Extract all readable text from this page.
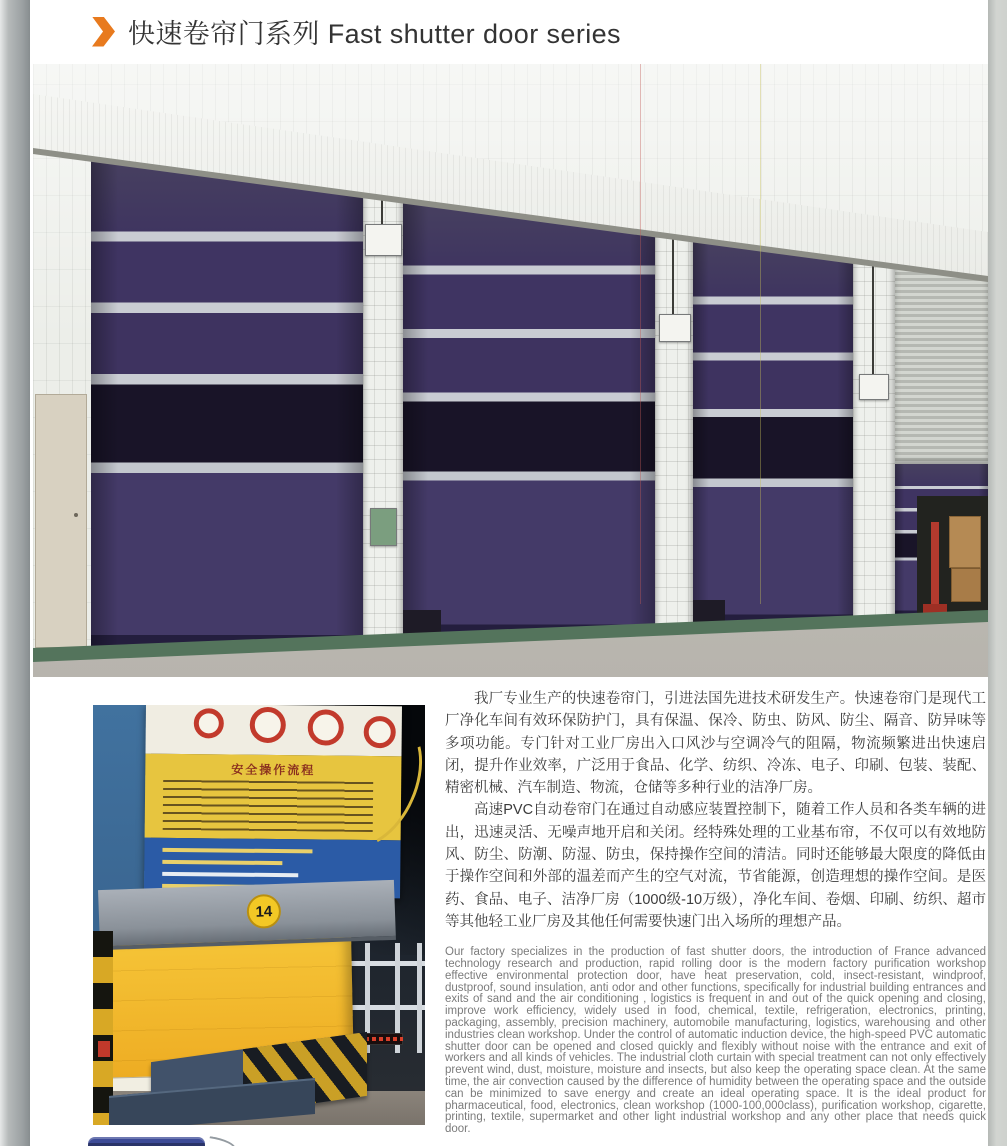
快速卷帘门系列 Fast shutter door series
安全操作流程
14

我厂专业生产的快速卷帘门，引进法国先进技术研发生产。快速卷帘门是现代工厂净化车间有效环保防护门，具有保温、保冷、防虫、防风、防尘、隔音、防异味等多项功能。专门针对工业厂房出入口风沙与空调冷气的阻隔，物流频繁进出快速启闭，提升作业效率，广泛用于食品、化学、纺织、冷冻、电子、印刷、包装、装配、精密机械、汽车制造、物流，仓储等多种行业的洁净厂房。

高速PVC自动卷帘门在通过自动感应装置控制下，随着工作人员和各类车辆的进出，迅速灵活、无噪声地开启和关闭。经特殊处理的工业基布帘，不仅可以有效地防风、防尘、防潮、防湿、防虫，保持操作空间的清洁。同时还能够最大限度的降低由于操作空间和外部的温差而产生的空气对流，节省能源，创造理想的操作空间。是医药、食品、电子、洁净厂房（1000级-10万级），净化车间、卷烟、印刷、纺织、超市等其他轻工业厂房及其他任何需要快速门出入场所的理想产品。

Our factory specializes in the production of fast shutter doors, the introduction of France advanced technology research and production, rapid rolling door is the modern factory purification workshop effective environmental protection door, have heat preservation, cold, insect-resistant, windproof, dustproof, sound insulation, anti odor and other functions, specifically for industrial building entrances and exits of sand and the air conditioning , logistics is frequent in and out of the quick opening and closing, improve work efficiency, widely used in food, chemical, textile, refrigeration, electronics, printing, packaging, assembly, precision machinery, automobile manufacturing, logistics, warehousing and other industries clean workshop. Under the control of automatic induction device, the high-speed PVC automatic shutter door can be opened and closed quickly and flexibly without noise with the entrance and exit of workers and all kinds of vehicles. The industrial cloth curtain with special treatment can not only effectively prevent wind, dust, moisture, moisture and insects, but also keep the operating space clean. At the same time, the air convection caused by the difference of humidity between the operating space and the outside can be minimized to save energy and create an ideal operating space. It is the ideal product for pharmaceutical, food, electronics, clean workshop (1000-100,000class), purification workshop, cigarette, printing, textile, supermarket and other light industrial workshop and any other place that needs quick door.
